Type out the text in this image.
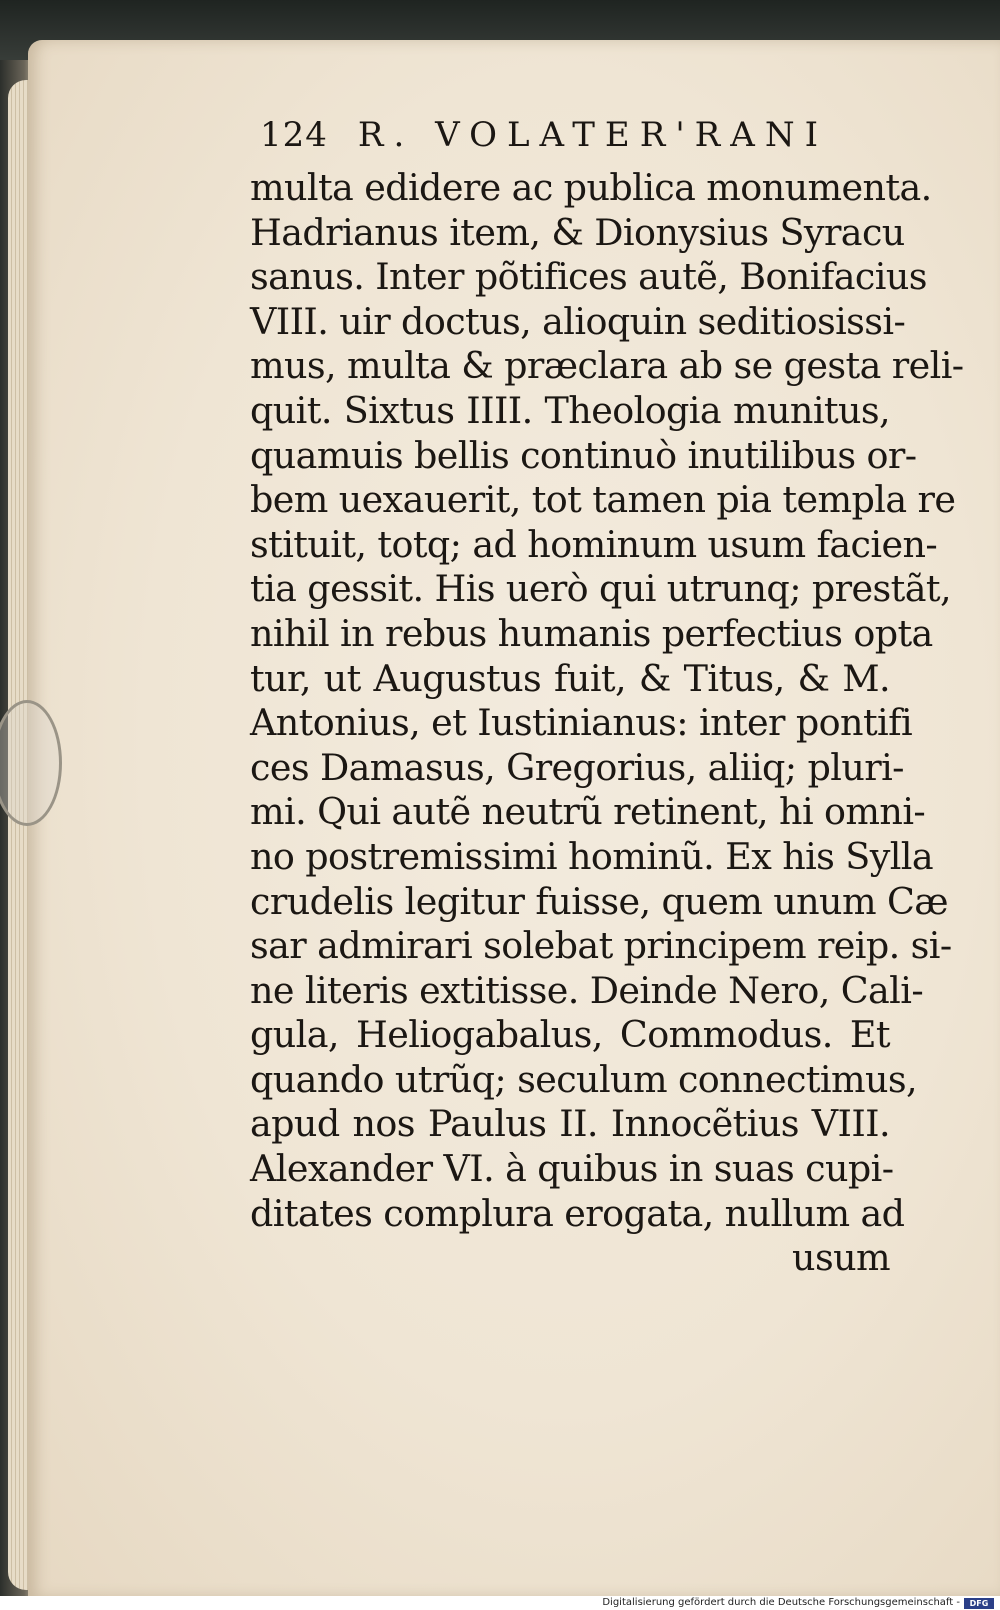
124 R. VOLATER'RANI
multa edidere ac publica monumenta.
Hadrianus item, & Dionysius Syracu
sanus. Inter põtifices autẽ, Bonifacius
VIII. uir doctus, alioquin seditiosissi-
mus, multa & præclara ab se gesta reli-
quit. Sixtus IIII. Theologia munitus,
quamuis bellis continuò inutilibus or-
bem uexauerit, tot tamen pia templa re
stituit, totq; ad hominum usum facien-
tia gessit. His uerò qui utrunq; prestãt,
nihil in rebus humanis perfectius opta
tur, ut Augustus fuit, & Titus, & M.
Antonius, et Iustinianus: inter pontifi
ces Damasus, Gregorius, aliiq; pluri-
mi. Qui autẽ neutrũ retinent, hi omni-
no postremissimi hominũ. Ex his Sylla
crudelis legitur fuisse, quem unum Cæ
sar admirari solebat principem reip. si-
ne literis extitisse. Deinde Nero, Cali-
gula, Heliogabalus, Commodus. Et
quando utrũq; seculum connectimus,
apud nos Paulus II. Innocẽtius VIII.
Alexander VI. à quibus in suas cupi-
ditates complura erogata, nullum ad
usum
Digitalisierung gefördert durch die Deutsche Forschungsgemeinschaft -	DFG
